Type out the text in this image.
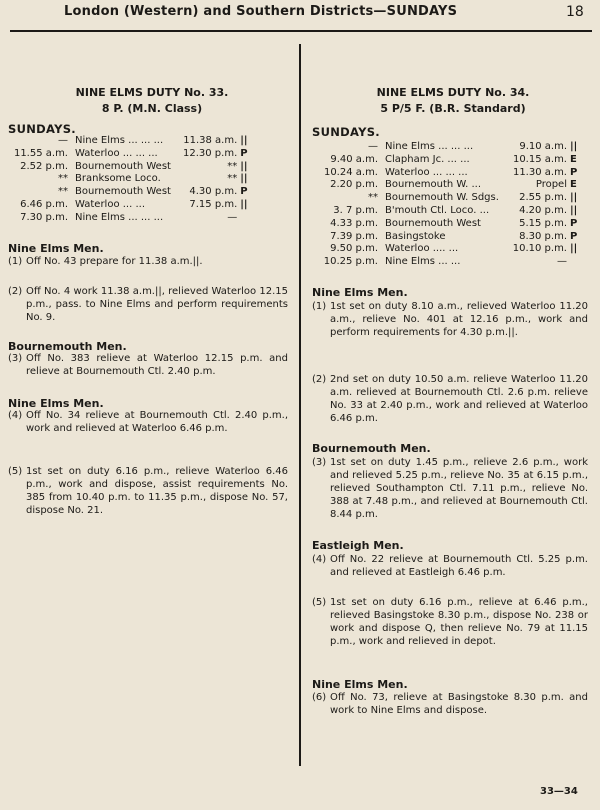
London (Western) and Southern Districts—SUNDAYS	18
NINE ELMS DUTY No. 33.
8 P. (M.N. Class)
SUNDAYS.
—	Nine Elms ... ... ...	11.38 a.m.	||
11.55 a.m.	Waterloo ... ... ...	12.30 p.m.	P
2.52 p.m.	Bournemouth West	**	||
**	Branksome Loco.	**	||
**	Bournemouth West	4.30 p.m.	P
6.46 p.m.	Waterloo ... ...	7.15 p.m.	||
7.30 p.m.	Nine Elms ... ... ...	—	
Nine Elms Men.
(1) Off No. 43 prepare for 11.38 a.m.||.
(2) Off No. 4 work 11.38 a.m.||, relieved Waterloo 12.15 p.m., pass. to Nine Elms and perform requirements No. 9.
Bournemouth Men.
(3) Off No. 383 relieve at Waterloo 12.15 p.m. and relieve at Bournemouth Ctl. 2.40 p.m.
Nine Elms Men.
(4) Off No. 34 relieve at Bournemouth Ctl. 2.40 p.m., work and relieved at Waterloo 6.46 p.m.
(5) 1st set on duty 6.16 p.m., relieve Waterloo 6.46 p.m., work and dispose, assist requirements No. 385 from 10.40 p.m. to 11.35 p.m., dispose No. 57, dispose No. 21.
NINE ELMS DUTY No. 34.
5 P/5 F. (B.R. Standard)
SUNDAYS.
—	Nine Elms ... ... ...	9.10 a.m.	||
9.40 a.m.	Clapham Jc. ... ...	10.15 a.m.	E
10.24 a.m.	Waterloo ... ... ...	11.30 a.m.	P
2.20 p.m.	Bournemouth W. ...	Propel	E
**	Bournemouth W. Sdgs.	2.55 p.m.	||
3. 7 p.m.	B'mouth Ctl. Loco. ...	4.20 p.m.	||
4.33 p.m.	Bournemouth West	5.15 p.m.	P
7.39 p.m.	Basingstoke	8.30 p.m.	P
9.50 p.m.	Waterloo .... ...	10.10 p.m.	||
10.25 p.m.	Nine Elms ... ...	—	
Nine Elms Men.
(1) 1st set on duty 8.10 a.m., relieved Waterloo 11.20 a.m., relieve No. 401 at 12.16 p.m., work and perform requirements for 4.30 p.m.||.
(2) 2nd set on duty 10.50 a.m. relieve Waterloo 11.20 a.m. relieved at Bournemouth Ctl. 2.6 p.m. relieve No. 33 at 2.40 p.m., work and relieved at Waterloo 6.46 p.m.
Bournemouth Men.
(3) 1st set on duty 1.45 p.m., relieve 2.6 p.m., work and relieved 5.25 p.m., relieve No. 35 at 6.15 p.m., relieved Southampton Ctl. 7.11 p.m., relieve No. 388 at 7.48 p.m., and relieved at Bournemouth Ctl. 8.44 p.m.
Eastleigh Men.
(4) Off No. 22 relieve at Bournemouth Ctl. 5.25 p.m. and relieved at Eastleigh 6.46 p.m.
(5) 1st set on duty 6.16 p.m., relieve at 6.46 p.m., relieved Basingstoke 8.30 p.m., dispose No. 238 or work and dispose Q, then relieve No. 79 at 11.15 p.m., work and relieved in depot.
Nine Elms Men.
(6) Off No. 73, relieve at Basingstoke 8.30 p.m. and work to Nine Elms and dispose.
33—34
